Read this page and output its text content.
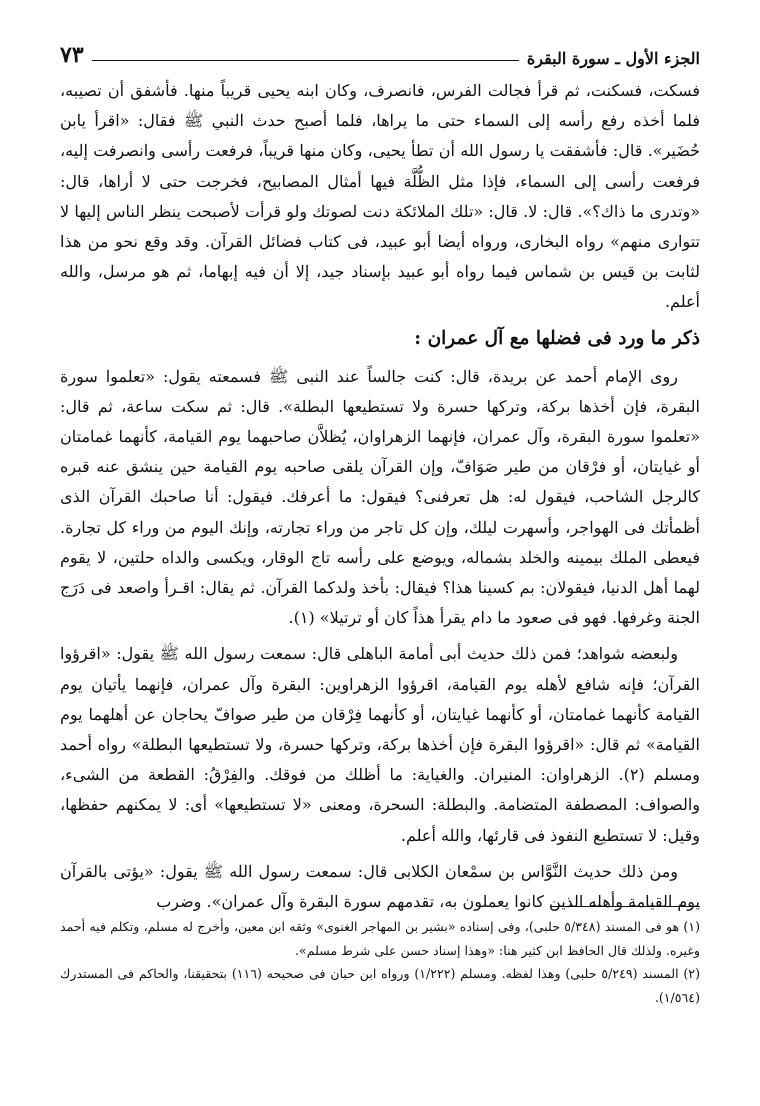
الجزء الأول ـ سورة البقرة
٧٣

فسكت، فسكنت، ثم قرأ فجالت الفرس، فانصرف، وكان ابنه يحيى قريباً منها. فأشفق أن تصيبه، فلما أخذه رفع رأسه إلى السماء حتى ما يراها، فلما أصبح حدث النبي ﷺ فقال: «اقرأ يابن حُضَير». قال: فأشفقت يا رسول الله أن تطأ يحيى، وكان منها قريباً، فرفعت رأسى وانصرفت إليه، فرفعت رأسى إلى السماء، فإذا مثل الظُّلَّة فيها أمثال المصابيح، فخرجت حتى لا أراها، قال: «وتدرى ما ذاك؟». قال: لا. قال: «تلك الملائكة دنت لصوتك ولو قرأت لأصبحت ينظر الناس إليها لا تتوارى منهم» رواه البخارى، ورواه أيضا أبو عبيد، فى كتاب فضائل القرآن. وقد وقع نحو من هذا لثابت بن قيس بن شماس فيما رواه أبو عبيد بإسناد جيد، إلا أن فيه إبهاما، ثم هو مرسل، والله أعلم.

ذكر ما ورد فى فضلها مع آل عمران :

روى الإمام أحمد عن بريدة، قال: كنت جالساً عند النبى ﷺ فسمعته يقول: «تعلموا سورة البقرة، فإن أخذها بركة، وتركها حسرة ولا تستطيعها البطلة». قال: ثم سكت ساعة، ثم قال: «تعلموا سورة البقرة، وآل عمران، فإنهما الزهراوان، يُظلاَّن صاحبهما يوم القيامة، كأنهما غمامتان أو غيايتان، أو فرْقان من طير صَوَافّ، وإن القرآن يلقى صاحبه يوم القيامة حين ينشق عنه قبره كالرجل الشاحب، فيقول له: هل تعرفنى؟ فيقول: ما أعرفك. فيقول: أنا صاحبك القرآن الذى أظمأتك فى الهواجر، وأسهرت ليلك، وإن كل تاجر من وراء تجارته، وإنك اليوم من وراء كل تجارة. فيعطى الملك بيمينه والخلد بشماله، ويوضع على رأسه تاج الوقار، ويكسى والداه حلتين، لا يقوم لهما أهل الدنيا، فيقولان: بم كسينا هذا؟ فيقال: بأخذ ولدكما القرآن. ثم يقال: اقـرأ واصعد فى دَرَج الجنة وغرفها. فهو فى صعود ما دام يقرأ هذاً كان أو ترتيلا» (١).

ولبعضه شواهد؛ فمن ذلك حديث أبى أمامة الباهلى قال: سمعت رسول الله ﷺ يقول: «اقرؤوا القرآن؛ فإنه شافع لأهله يوم القيامة، اقرؤوا الزهراوين: البقرة وآل عمران، فإنهما يأتيان يوم القيامة كأنهما غمامتان، أو كأنهما غيايتان، أو كأنهما فِرْقان من طير صوافّ يحاجان عن أهلهما يوم القيامة» ثم قال: «اقرؤوا البقرة فإن أخذها بركة، وتركها حسرة، ولا تستطيعها البطلة» رواه أحمد ومسلم (٢). الزهراوان: المنيران. والغياية: ما أظلك من فوقك. والفِرْقُ: القطعة من الشىء، والصواف: المصطفة المتضامة. والبطلة: السحرة، ومعنى «لا تستطيعها» أى: لا يمكنهم حفظها، وقيل: لا تستطيع النفوذ فى قارئها، والله أعلم.

ومن ذلك حديث النَّوَّاس بن سمْعان الكلابى قال: سمعت رسول الله ﷺ يقول: «يؤتى بالقرآن يوم القيامة وأهله الذين كانوا يعملون به، تقدمهم سورة البقرة وآل عمران». وضرب

(١) هو فى المسند (٥/٣٤٨ حلبى)، وفى إسناده «بشير بن المهاجر الغنوى» وثقه ابن معين، وأخرج له مسلم، وتكلم فيه أحمد وغيره. ولذلك قال الحافظ ابن كثير هنا: «وهذا إسناد حسن على شرط مسلم».

(٢) المسند (٥/٢٤٩ حلبى) وهذا لفظه. ومسلم (١/٢٢٢) ورواه ابن حبان فى صحيحه (١١٦) بتحقيقنا، والحاكم فى المستدرك (١/٥٦٤).
